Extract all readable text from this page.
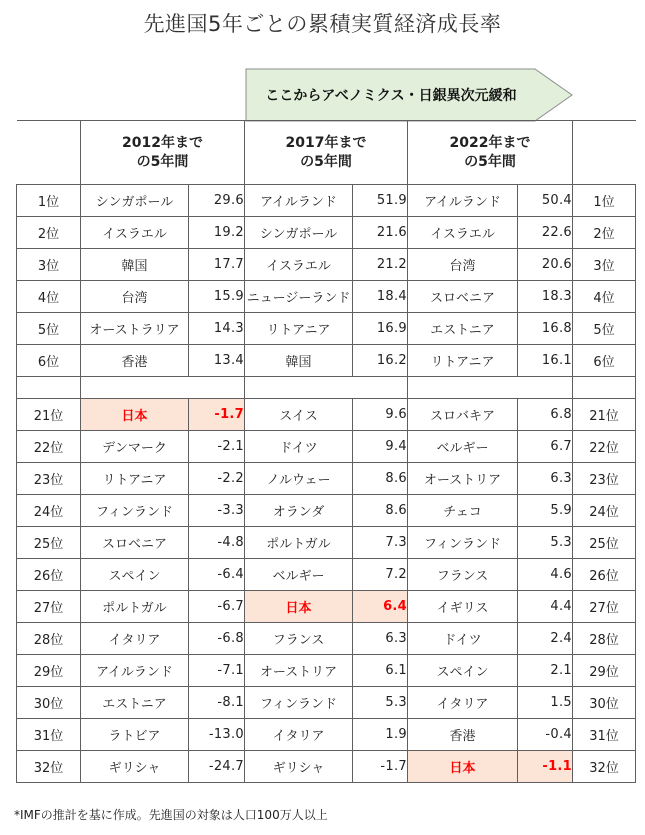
先進国5年ごとの累積実質経済成長率
ここからアベノミクス・日銀異次元緩和

	2012年まで
の5年間		2017年まで
の5年間		2022年まで
の5年間		

1位	シンガポール	29.6	アイルランド	51.9	アイルランド	50.4	1位
2位	イスラエル	19.2	シンガポール	21.6	イスラエル	22.6	2位
3位	韓国	17.7	イスラエル	21.2	台湾	20.6	3位
4位	台湾	15.9	ニュージーランド	18.4	スロベニア	18.3	4位
5位	オーストラリア	14.3	リトアニア	16.9	エストニア	16.8	5位
6位	香港	13.4	韓国	16.2	リトアニア	16.1	6位

21位	日本	-1.7	スイス	9.6	スロバキア	6.8	21位
22位	デンマーク	-2.1	ドイツ	9.4	ベルギー	6.7	22位
23位	リトアニア	-2.2	ノルウェー	8.6	オーストリア	6.3	23位
24位	フィンランド	-3.3	オランダ	8.6	チェコ	5.9	24位
25位	スロベニア	-4.8	ポルトガル	7.3	フィンランド	5.3	25位
26位	スペイン	-6.4	ベルギー	7.2	フランス	4.6	26位
27位	ポルトガル	-6.7	日本	6.4	イギリス	4.4	27位
28位	イタリア	-6.8	フランス	6.3	ドイツ	2.4	28位
29位	アイルランド	-7.1	オーストリア	6.1	スペイン	2.1	29位
30位	エストニア	-8.1	フィンランド	5.3	イタリア	1.5	30位
31位	ラトビア	-13.0	イタリア	1.9	香港	-0.4	31位
32位	ギリシャ	-24.7	ギリシャ	-1.7	日本	-1.1	32位
*IMFの推計を基に作成。先進国の対象は人口100万人以上
